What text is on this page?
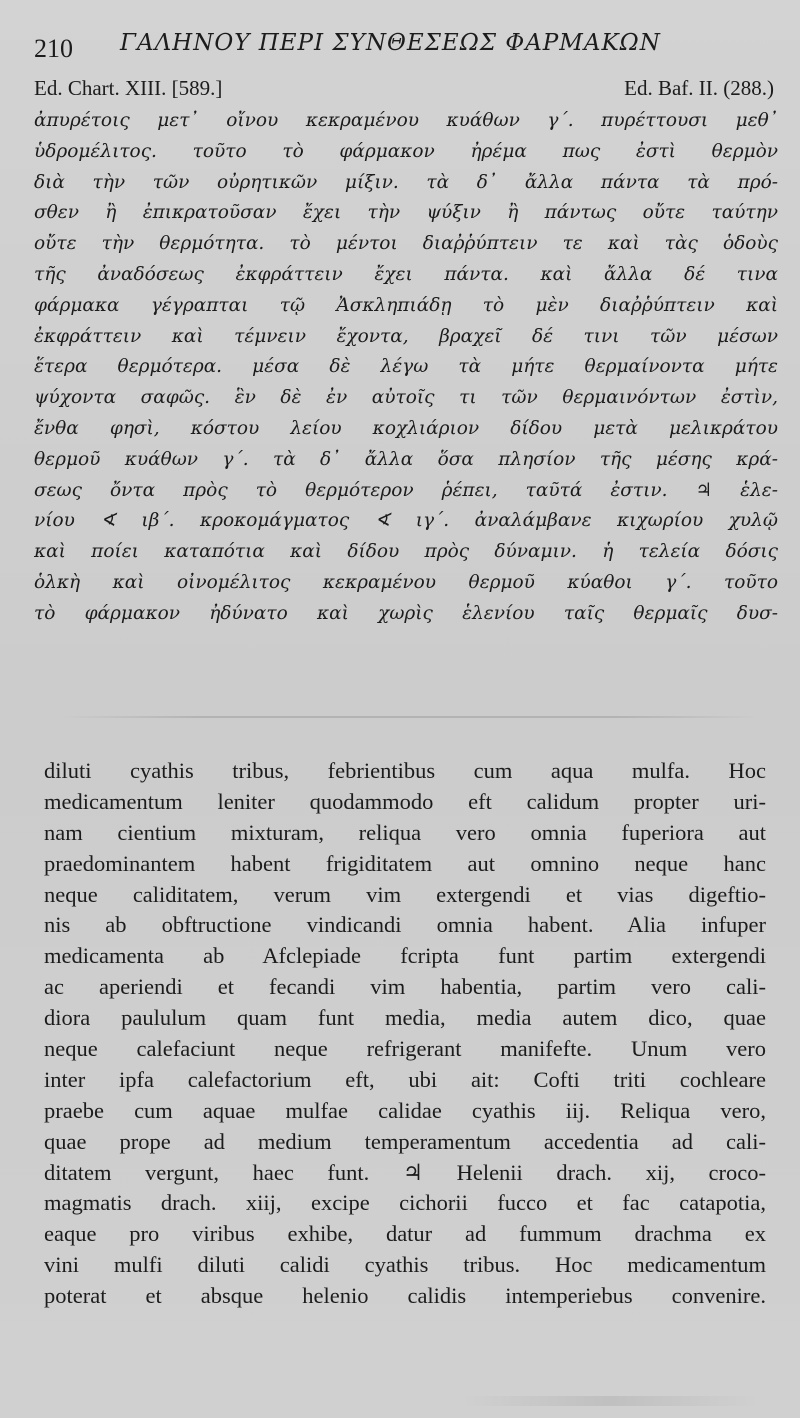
210 ΓΑΛΗΝΟΥ ΠΕΡΙ ΣΥΝΘΕΣΕΩΣ ΦΑΡΜΑΚΩΝ
Ed. Chart. XIII. [589.]	Ed. Baf. II. (288.)
ἀπυρέτοις μετ᾽ οἴνου κεκραμένου κυάθων γ΄. πυρέττουσι μεθ᾽
ὑδρομέλιτος. τοῦτο τὸ φάρμακον ἠρέμα πως ἐστὶ θερμὸν
διὰ τὴν τῶν οὐρητικῶν μίξιν. τὰ δ᾽ ἄλλα πάντα τὰ πρό-
σθεν ἢ ἐπικρατοῦσαν ἔχει τὴν ψύξιν ἢ πάντως οὔτε ταύτην
οὔτε τὴν θερμότητα. τὸ μέντοι διαῤῥύπτειν τε καὶ τὰς ὁδοὺς
τῆς ἀναδόσεως ἐκφράττειν ἔχει πάντα. καὶ ἄλλα δέ τινα
φάρμακα γέγραπται τῷ Ἀσκληπιάδῃ τὸ μὲν διαῤῥύπτειν καὶ
ἐκφράττειν καὶ τέμνειν ἔχοντα, βραχεῖ δέ τινι τῶν μέσων
ἕτερα θερμότερα. μέσα δὲ λέγω τὰ μήτε θερμαίνοντα μήτε
ψύχοντα σαφῶς. ἓν δὲ ἐν αὐτοῖς τι τῶν θερμαινόντων ἐστὶν,
ἔνθα φησὶ, κόστου λείου κοχλιάριον δίδου μετὰ μελικράτου
θερμοῦ κυάθων γ΄. τὰ δ᾽ ἄλλα ὅσα πλησίον τῆς μέσης κρά-
σεως ὄντα πρὸς τὸ θερμότερον ῥέπει, ταῦτά ἐστιν. ♃ ἑλε-
νίου ∢ ιβ΄. κροκομάγματος ∢ ιγ΄. ἀναλάμβανε κιχωρίου χυλῷ
καὶ ποίει καταπότια καὶ δίδου πρὸς δύναμιν. ἡ τελεία δόσις
ὁλκὴ καὶ οἰνομέλιτος κεκραμένου θερμοῦ κύαθοι γ΄. τοῦτο
τὸ φάρμακον ἠδύνατο καὶ χωρὶς ἑλενίου ταῖς θερμαῖς δυσ-
diluti cyathis tribus, febrientibus cum aqua mulfa. Hoc
medicamentum leniter quodammodo eft calidum propter uri-
nam cientium mixturam, reliqua vero omnia fuperiora aut
praedominantem habent frigiditatem aut omnino neque hanc
neque caliditatem, verum vim extergendi et vias digeftio-
nis ab obftructione vindicandi omnia habent. Alia infuper
medicamenta ab Afclepiade fcripta funt partim extergendi
ac aperiendi et fecandi vim habentia, partim vero cali-
diora paululum quam funt media, media autem dico, quae
neque calefaciunt neque refrigerant manifefte. Unum vero
inter ipfa calefactorium eft, ubi ait: Cofti triti cochleare
praebe cum aquae mulfae calidae cyathis iij. Reliqua vero,
quae prope ad medium temperamentum accedentia ad cali-
ditatem vergunt, haec funt. ♃ Helenii drach. xij, croco-
magmatis drach. xiij, excipe cichorii fucco et fac catapotia,
eaque pro viribus exhibe, datur ad fummum drachma ex
vini mulfi diluti calidi cyathis tribus. Hoc medicamentum
poterat et absque helenio calidis intemperiebus convenire.
